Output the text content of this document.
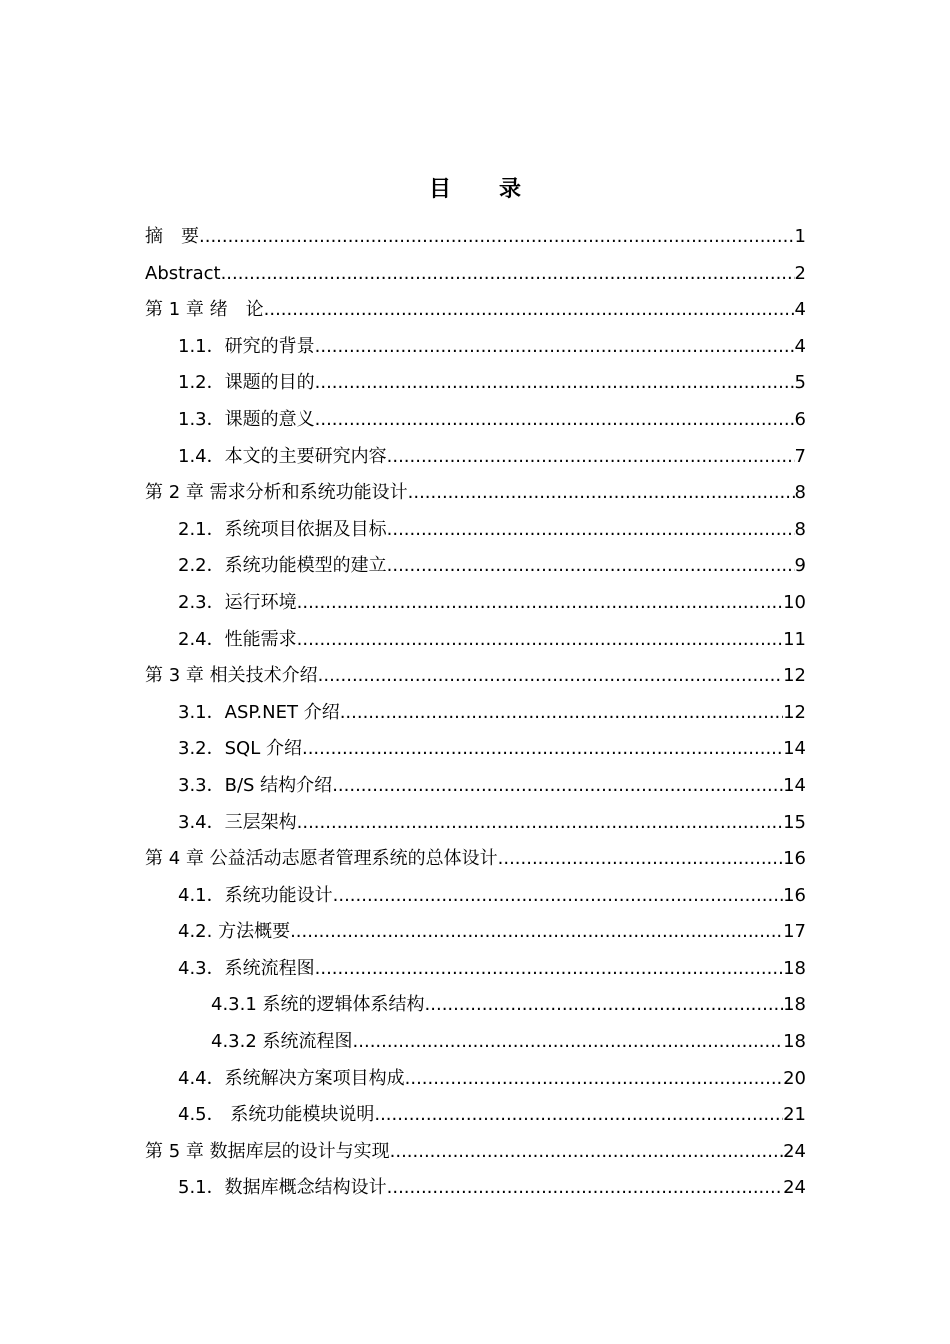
目 录
摘　要 .....	1
Abstract .....	2
第 1 章 绪　论 .....	4
1.1．研究的背景 .....	4
1.2．课题的目的 .....	5
1.3．课题的意义 .....	6
1.4．本文的主要研究内容 .....	7
第 2 章 需求分析和系统功能设计 .....	8
2.1．系统项目依据及目标 .....	8
2.2．系统功能模型的建立 .....	9
2.3．运行环境 .....	10
2.4．性能需求 .....	11
第 3 章 相关技术介绍 .....	12
3.1．ASP.NET 介绍 .....	12
3.2．SQL 介绍 .....	14
3.3．B/S 结构介绍 .....	14
3.4．三层架构 .....	15
第 4 章 公益活动志愿者管理系统的总体设计 .....	16
4.1．系统功能设计 .....	16
4.2. 方法概要 .....	17
4.3．系统流程图 .....	18
4.3.1 系统的逻辑体系结构 .....	18
4.3.2 系统流程图 .....	18
4.4．系统解决方案项目构成 .....	20
4.5． 系统功能模块说明 .....	21
第 5 章 数据库层的设计与实现 .....	24
5.1．数据库概念结构设计 .....	24
